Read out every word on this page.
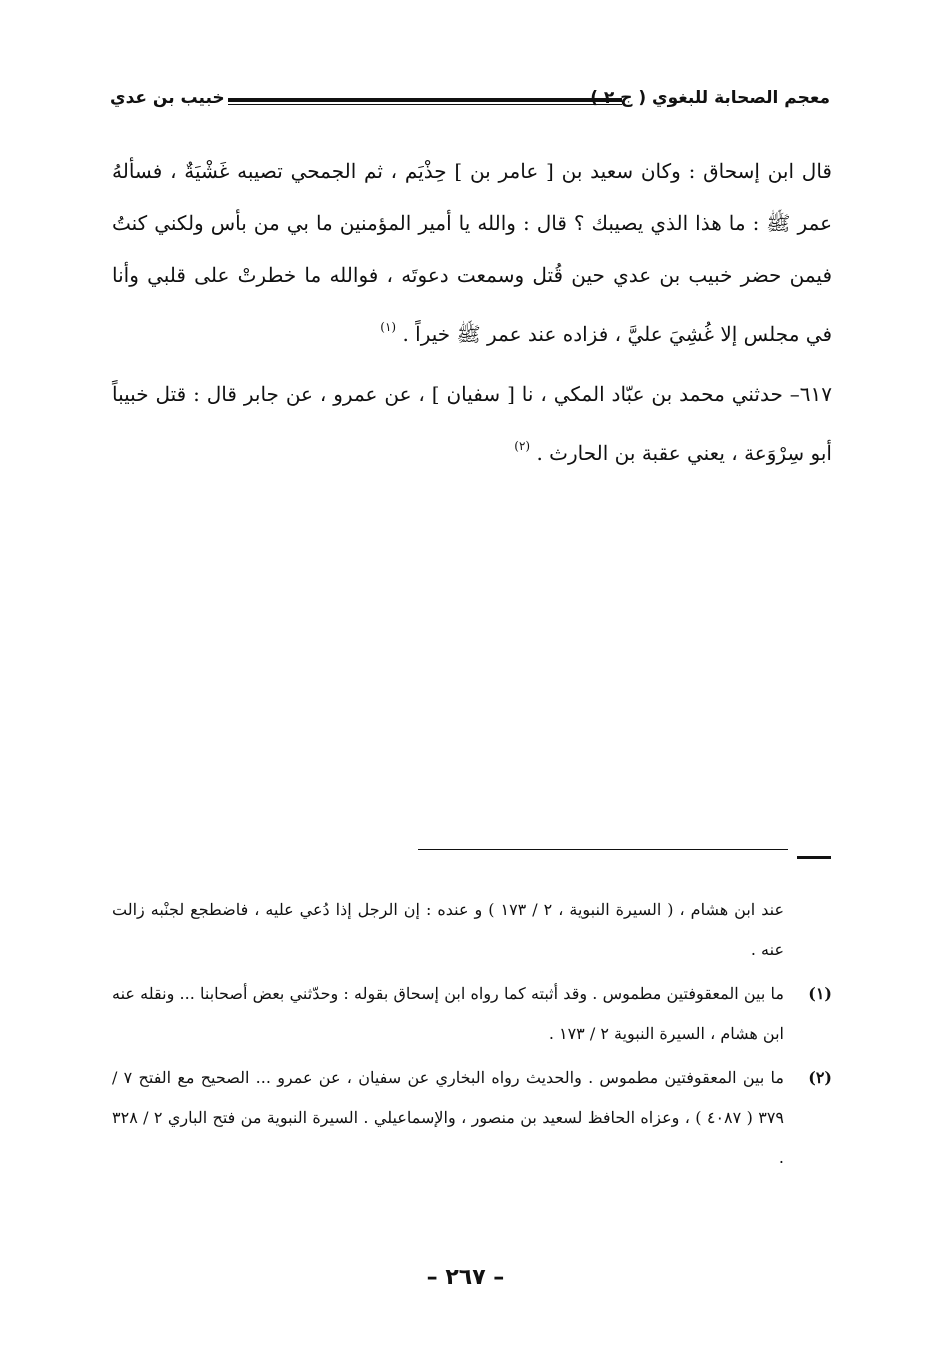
معجم الصحابة للبغوي ( ج ٢ )
خبيب بن عدي

قال ابن إسحاق : وكان سعيد بن [ عامر بن ] حِذْيَم ، ثم الجمحي تصيبه غَشْيَةٌ ، فسألهُ عمر ﷺ : ما هذا الذي يصيبك ؟ قال : والله يا أمير المؤمنين ما بي من بأس ولكني كنتُ فيمن حضر خبيب بن عدي حين قُتل وسمعت دعوتَه ، فوالله ما خطرتْ على قلبي وأنا في مجلس إلا غُشِيَ عليَّ ، فزاده عند عمر ﷺ خيراً . $^{(١)}$

٦١٧– حدثني محمد بن عبّاد المكي ، نا [ سفيان ] ، عن عمرو ، عن جابر قال : قتل خبيباً أبو سِرْوَعة ، يعني عقبة بن الحارث . $^{(٢)}$

عند ابن هشام ، ( السيرة النبوية ، ٢ / ١٧٣ ) و عنده : إن الرجل إذا دُعي عليه ، فاضطجع لجنْبه زالت عنه .

(١)
ما بين المعقوفتين مطموس . وقد أثبته كما رواه ابن إسحاق بقوله : وحدّثني بعض أصحابنا ... ونقله عنه ابن هشام ، السيرة النبوية ٢ / ١٧٣ .
(٢)
ما بين المعقوفتين مطموس . والحديث رواه البخاري عن سفيان ، عن عمرو ... الصحيح مع الفتح ٧ / ٣٧٩ ( ٤٠٨٧ ) ، وعزاه الحافظ لسعيد بن منصور ، والإسماعيلي . السيرة النبوية من فتح الباري ٢ / ٣٢٨ .
– ٢٦٧ –
